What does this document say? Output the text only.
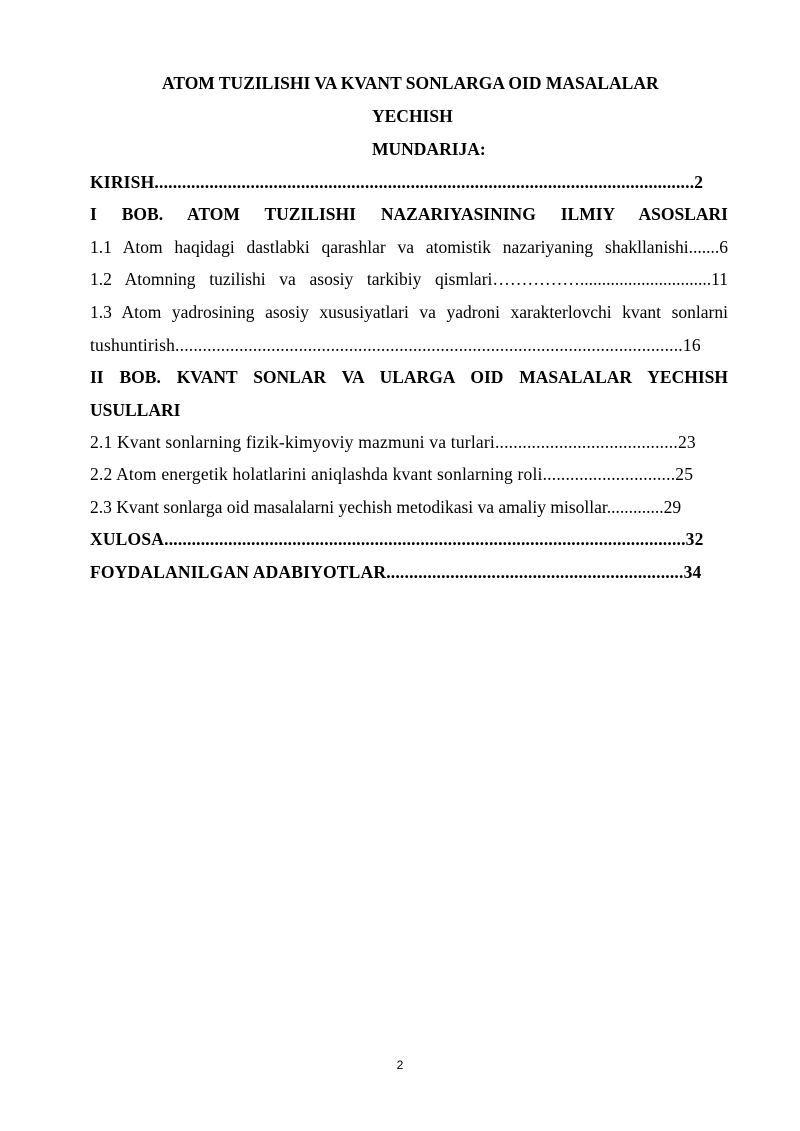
ATOM TUZILISHI VA KVANT SONLARGA OID MASALALAR
YECHISH
MUNDARIJA:
KIRISH......................................................................................................................2
I BOB. ATOM TUZILISHI NAZARIYASINING ILMIY ASOSLARI
1.1 Atom haqidagi dastlabki qarashlar va atomistik nazariyaning shakllanishi.......6
1.2 Atomning tuzilishi va asosiy tarkibiy qismlari……………..............................11
1.3 Atom yadrosining asosiy xususiyatlari va yadroni xarakterlovchi kvant sonlarni
tushuntirish...............................................................................................................16
II BOB. KVANT SONLAR VA ULARGA OID MASALALAR YECHISH
USULLARI
2.1 Kvant sonlarning fizik-kimyoviy mazmuni va turlari........................................23
2.2 Atom energetik holatlarini aniqlashda kvant sonlarning roli.............................25
2.3 Kvant sonlarga oid masalalarni yechish metodikasi va amaliy misollar.............29
XULOSA..................................................................................................................32
FOYDALANILGAN ADABIYOTLAR.................................................................34
2
